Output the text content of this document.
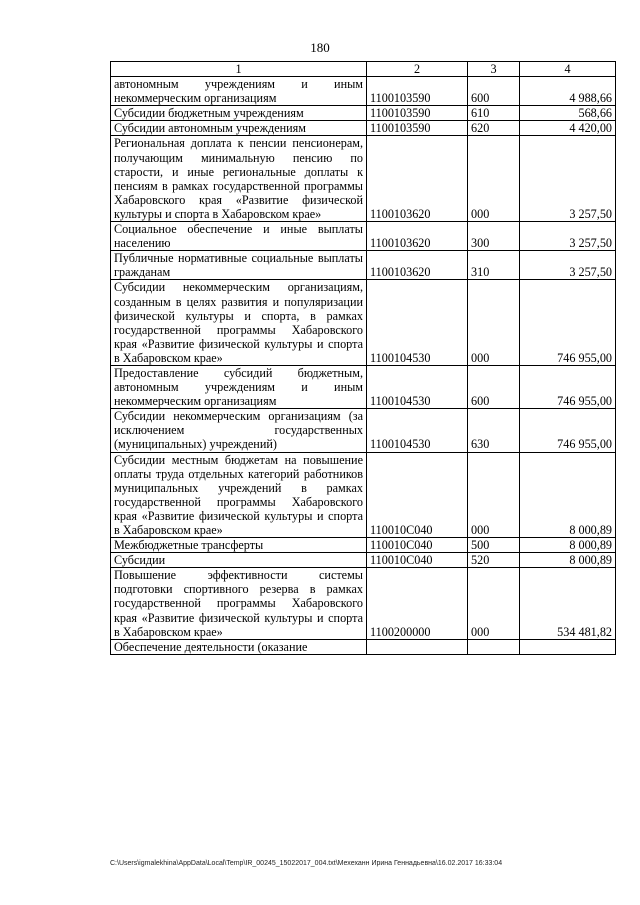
180
1	2	3	4
автономным учреждениям и иным некоммерческим организациям	1100103590	600	4 988,66
Субсидии бюджетным учреждениям	1100103590	610	568,66
Субсидии автономным учреждениям	1100103590	620	4 420,00
Региональная доплата к пенсии пенсионерам, получающим минимальную пенсию по старости, и иные региональные доплаты к пенсиям в рамках государственной программы Хабаровского края «Развитие физической культуры и спорта в Хабаровском крае»	1100103620	000	3 257,50
Социальное обеспечение и иные выплаты населению	1100103620	300	3 257,50
Публичные нормативные социальные выплаты гражданам	1100103620	310	3 257,50
Субсидии некоммерческим организациям, созданным в целях развития и популяризации физической культуры и спорта, в рамках государственной программы Хабаровского края «Развитие физической культуры и спорта в Хабаровском крае»	1100104530	000	746 955,00
Предоставление субсидий бюджетным, автономным учреждениям и иным некоммерческим организациям	1100104530	600	746 955,00
Субсидии некоммерческим организациям (за исключением государственных (муниципальных) учреждений)	1100104530	630	746 955,00
Субсидии местным бюджетам на повышение оплаты труда отдельных категорий работников муниципальных учреждений в рамках государственной программы Хабаровского края «Развитие физической культуры и спорта в Хабаровском крае»	110010С040	000	8 000,89
Межбюджетные трансферты	110010С040	500	8 000,89
Субсидии	110010С040	520	8 000,89
Повышение эффективности системы подготовки спортивного резерва в рамках государственной программы Хабаровского края «Развитие физической культуры и спорта в Хабаровском крае»	1100200000	000	534 481,82
Обеспечение деятельности (оказание			
C:\Users\igmalekhina\AppData\Local\Temp\IR_00245_15022017_004.txt\Мехеханн Ирина Геннадьевна\16.02.2017 16:33:04
